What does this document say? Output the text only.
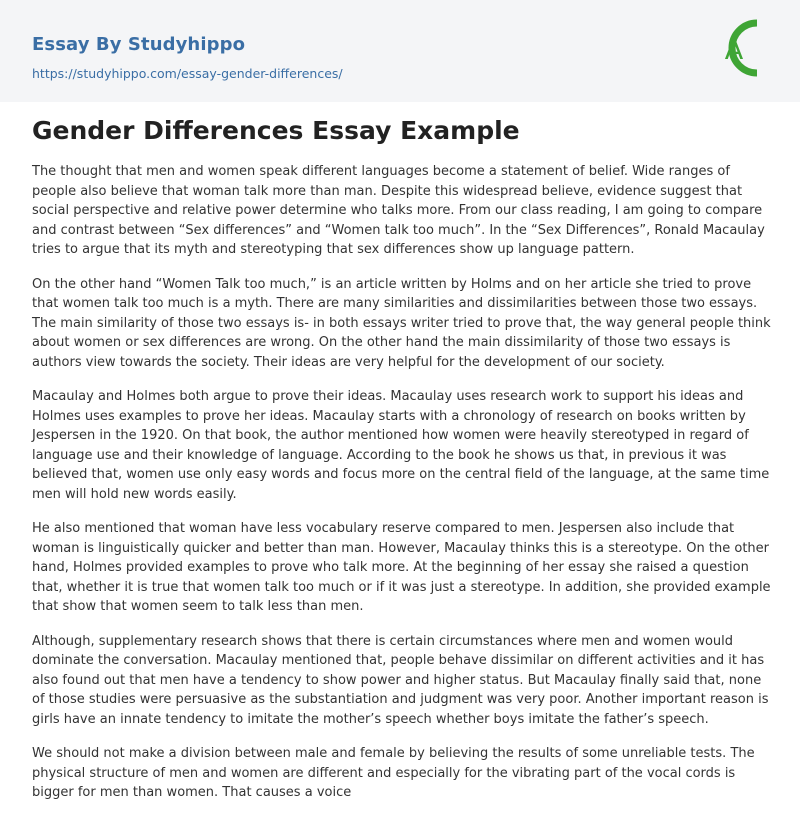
Essay By Studyhippo
https://studyhippo.com/essay-gender-differences/
A
Gender Differences Essay Example

The thought that men and women speak different languages become a statement of belief. Wide ranges of people also believe that woman talk more than man. Despite this widespread believe, evidence suggest that social perspective and relative power determine who talks more. From our class reading, I am going to compare and contrast between “Sex differences” and “Women talk too much”. In the “Sex Differences”, Ronald Macaulay tries to argue that its myth and stereotyping that sex differences show up language pattern.

On the other hand “Women Talk too much,” is an article written by Holms and on her article she tried to prove that women talk too much is a myth. There are many similarities and dissimilarities between those two essays. The main similarity of those two essays is- in both essays writer tried to prove that, the way general people think about women or sex differences are wrong. On the other hand the main dissimilarity of those two essays is authors view towards the society. Their ideas are very helpful for the development of our society.

Macaulay and Holmes both argue to prove their ideas. Macaulay uses research work to support his ideas and Holmes uses examples to prove her ideas. Macaulay starts with a chronology of research on books written by Jespersen in the 1920. On that book, the author mentioned how women were heavily stereotyped in regard of language use and their knowledge of language. According to the book he shows us that, in previous it was believed that, women use only easy words and focus more on the central field of the language, at the same time men will hold new words easily.

He also mentioned that woman have less vocabulary reserve compared to men. Jespersen also include that woman is linguistically quicker and better than man. However, Macaulay thinks this is a stereotype. On the other hand, Holmes provided examples to prove who talk more. At the beginning of her essay she raised a question that, whether it is true that women talk too much or if it was just a stereotype. In addition, she provided example that show that women seem to talk less than men.

Although, supplementary research shows that there is certain circumstances where men and women would dominate the conversation. Macaulay mentioned that, people behave dissimilar on different activities and it has also found out that men have a tendency to show power and higher status. But Macaulay finally said that, none of those studies were persuasive as the substantiation and judgment was very poor. Another important reason is girls have an innate tendency to imitate the mother’s speech whether boys imitate the father’s speech.

We should not make a division between male and female by believing the results of some unreliable tests. The physical structure of men and women are different and especially for the vibrating part of the vocal cords is bigger for men than women. That causes a voice
